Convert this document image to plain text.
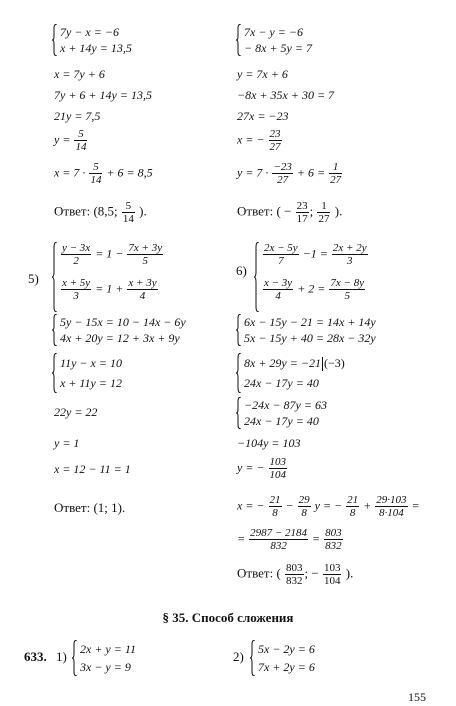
7y − x = −6
x + 14y = 13,5
x = 7y + 6
7y + 6 + 14y = 13,5
21y = 7,5
$y = \frac{5}{14}$
$x = 7 \cdot \frac{5}{14} + 6 = 8,5$
Ответ: (8,5; $\frac{5}{14}$ ).
7x − y = −6
− 8x + 5y = 7
y = 7x + 6
−8x + 35x + 30 = 7
27x = −23
x = − $\frac{23}{27}$
$y = 7 \cdot \frac{-23}{27} + 6 = \frac{1}{27}$
Ответ: ( − $\frac{23}{17}$ ; $\frac{1}{27}$ ).
5)
$\frac{y - 3x}{2} = 1 - \frac{7x + 3y}{5}$
$\frac{x + 5y}{3} = 1 + \frac{x + 3y}{4}$
5y − 15x = 10 − 14x − 6y
4x + 20y = 12 + 3x + 9y
11y − x = 10
x + 11y = 12
22y = 22
y = 1
x = 12 − 11 = 1
Ответ: (1; 1).
6)
$\frac{2x - 5y}{7} -1 = \frac{2x + 2y}{3}$
$\frac{x - 3y}{4} + 2 = \frac{7x - 8y}{5}$
6x − 15y − 21 = 14x + 14y
5x − 15y + 40 = 28x − 32y
8x + 29y = −21 (−3)
24x − 17y = 40
−24x − 87y = 63
24x − 17y = 40
−104y = 103
y = − $\frac{103}{104}$
x = − $\frac{21}{8} - \frac{29}{8}$ y = − $\frac{21}{8} + \frac{29\cdot 103}{8\cdot 104}$ =
= $\frac{2987 - 2184}{832} = \frac{803}{832}$
Ответ: ( $\frac{803}{832}$ ; − $\frac{103}{104}$ ).
§ 35. Способ сложения
633. 1) 2x + y = 11
3x − y = 9
2) 5x − 2y = 6
7x + 2y = 6
155
